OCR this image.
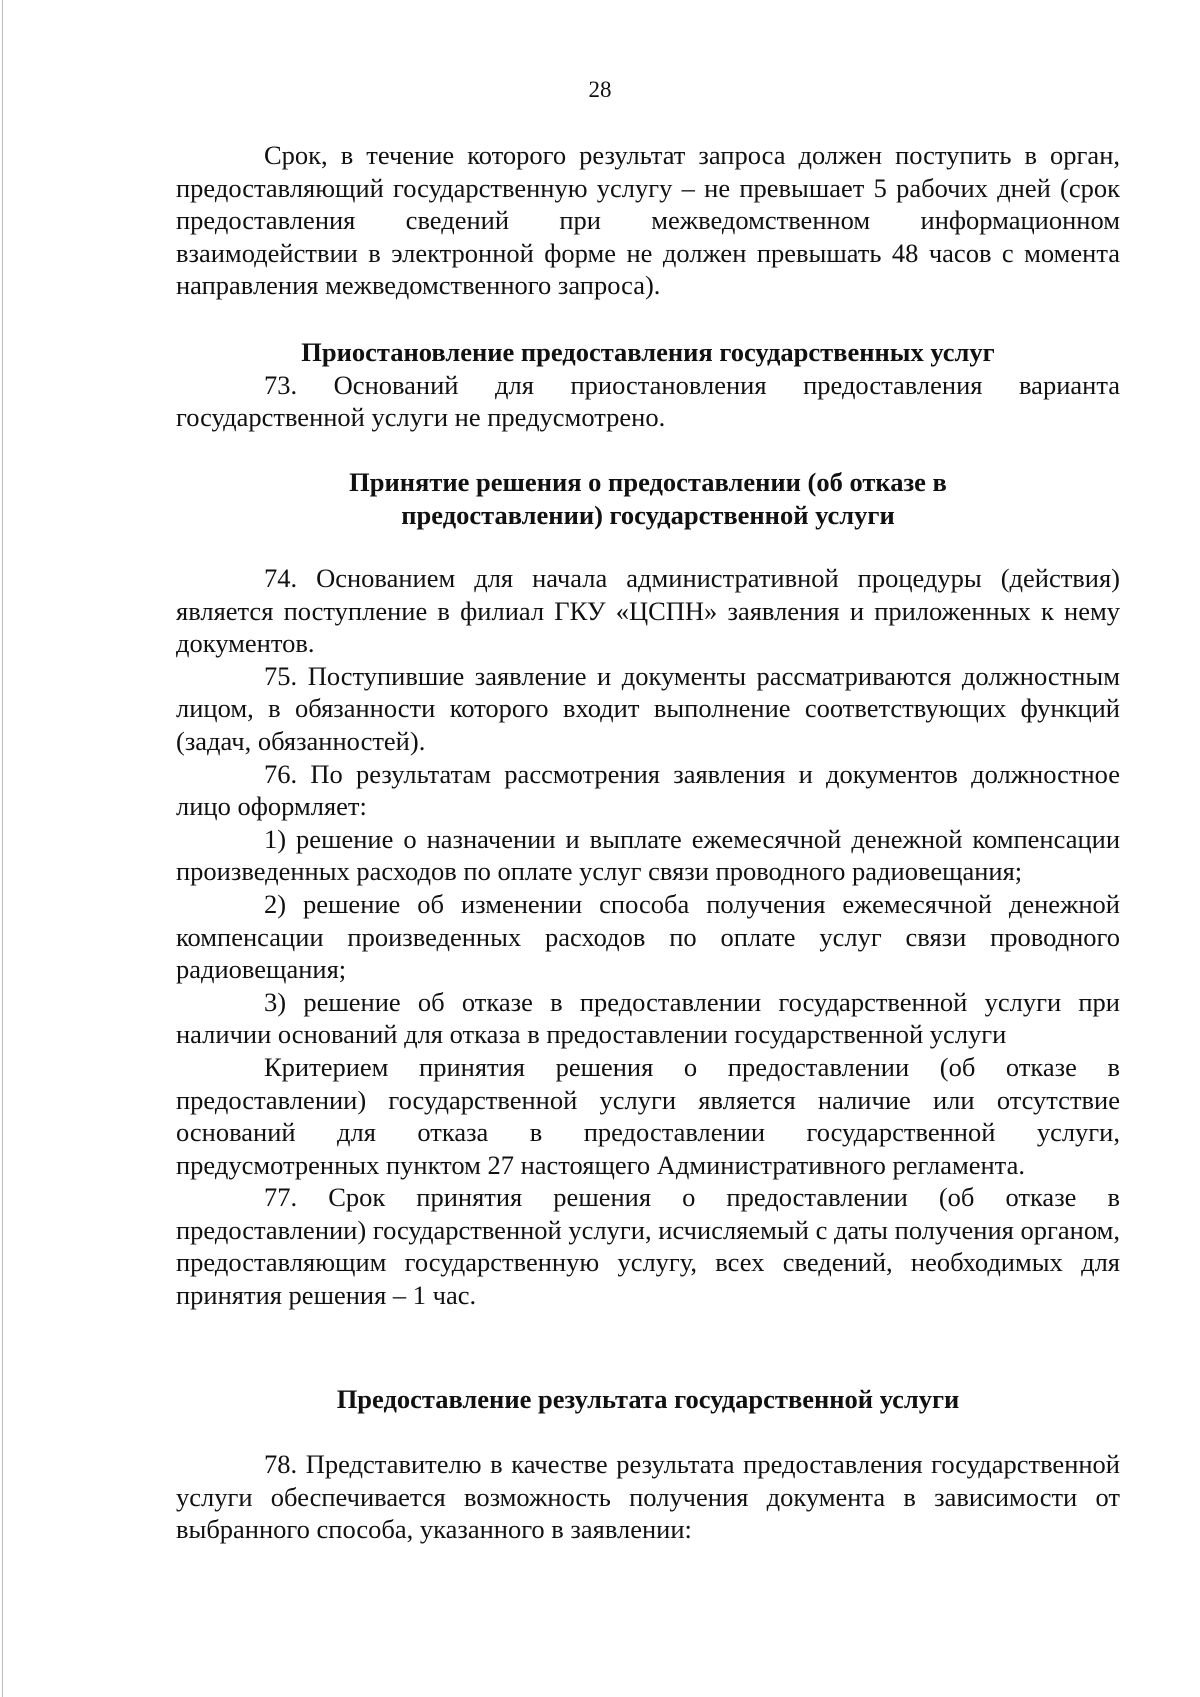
28

Срок, в течение которого результат запроса должен поступить в орган, предоставляющий государственную услугу – не превышает 5 рабочих дней (срок предоставления сведений при межведомственном информационном взаимодействии в электронной форме не должен превышать 48 часов с момента направления межведомственного запроса).

Приостановление предоставления государственных услуг

73. Оснований для приостановления предоставления варианта государственной услуги не предусмотрено.

Принятие решения о предоставлении (об отказе в

предоставлении) государственной услуги

74. Основанием для начала административной процедуры (действия) является поступление в филиал ГКУ «ЦСПН» заявления и приложенных к нему документов.

75. Поступившие заявление и документы рассматриваются должностным лицом, в обязанности которого входит выполнение соответствующих функций (задач, обязанностей).

76. По результатам рассмотрения заявления и документов должностное лицо оформляет:

1) решение о назначении и выплате ежемесячной денежной компенсации произведенных расходов по оплате услуг связи проводного радиовещания;

2) решение об изменении способа получения ежемесячной денежной компенсации произведенных расходов по оплате услуг связи проводного радиовещания;

3) решение об отказе в предоставлении государственной услуги при наличии оснований для отказа в предоставлении государственной услуги

Критерием принятия решения о предоставлении (об отказе в предоставлении) государственной услуги является наличие или отсутствие оснований для отказа в предоставлении государственной услуги, предусмотренных пунктом 27 настоящего Административного регламента.

77. Срок принятия решения о предоставлении (об отказе в предоставлении) государственной услуги, исчисляемый с даты получения органом, предоставляющим государственную услугу, всех сведений, необходимых для принятия решения – 1 час.

Предоставление результата государственной услуги

78. Представителю в качестве результата предоставления государственной услуги обеспечивается возможность получения документа в зависимости от выбранного способа, указанного в заявлении:
